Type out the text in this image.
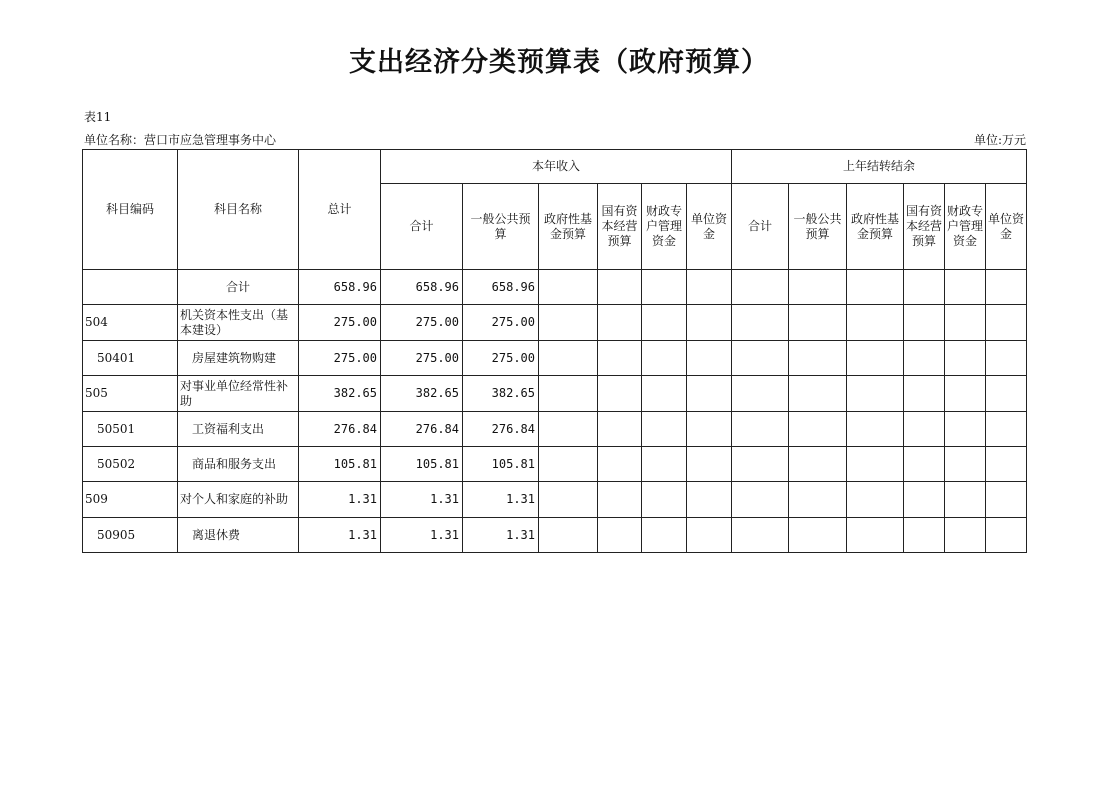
支出经济分类预算表（政府预算）
表11
单位名称：营口市应急管理事务中心	单位:万元
科目编码	科目名称	总计	本年收入						上年结转结余					
			合计	一般公共预算	政府性基金预算	国有资本经营预算	财政专户管理资金	单位资金	合计	一般公共预算	政府性基金预算	国有资本经营预算	财政专户管理资金	单位资金
	合计	658.96	658.96	658.96										
504	机关资本性支出（基本建设）	275.00	275.00	275.00										
50401	房屋建筑物购建	275.00	275.00	275.00										
505	对事业单位经常性补助	382.65	382.65	382.65										
50501	工资福利支出	276.84	276.84	276.84										
50502	商品和服务支出	105.81	105.81	105.81										
509	对个人和家庭的补助	1.31	1.31	1.31										
50905	离退休费	1.31	1.31	1.31										
